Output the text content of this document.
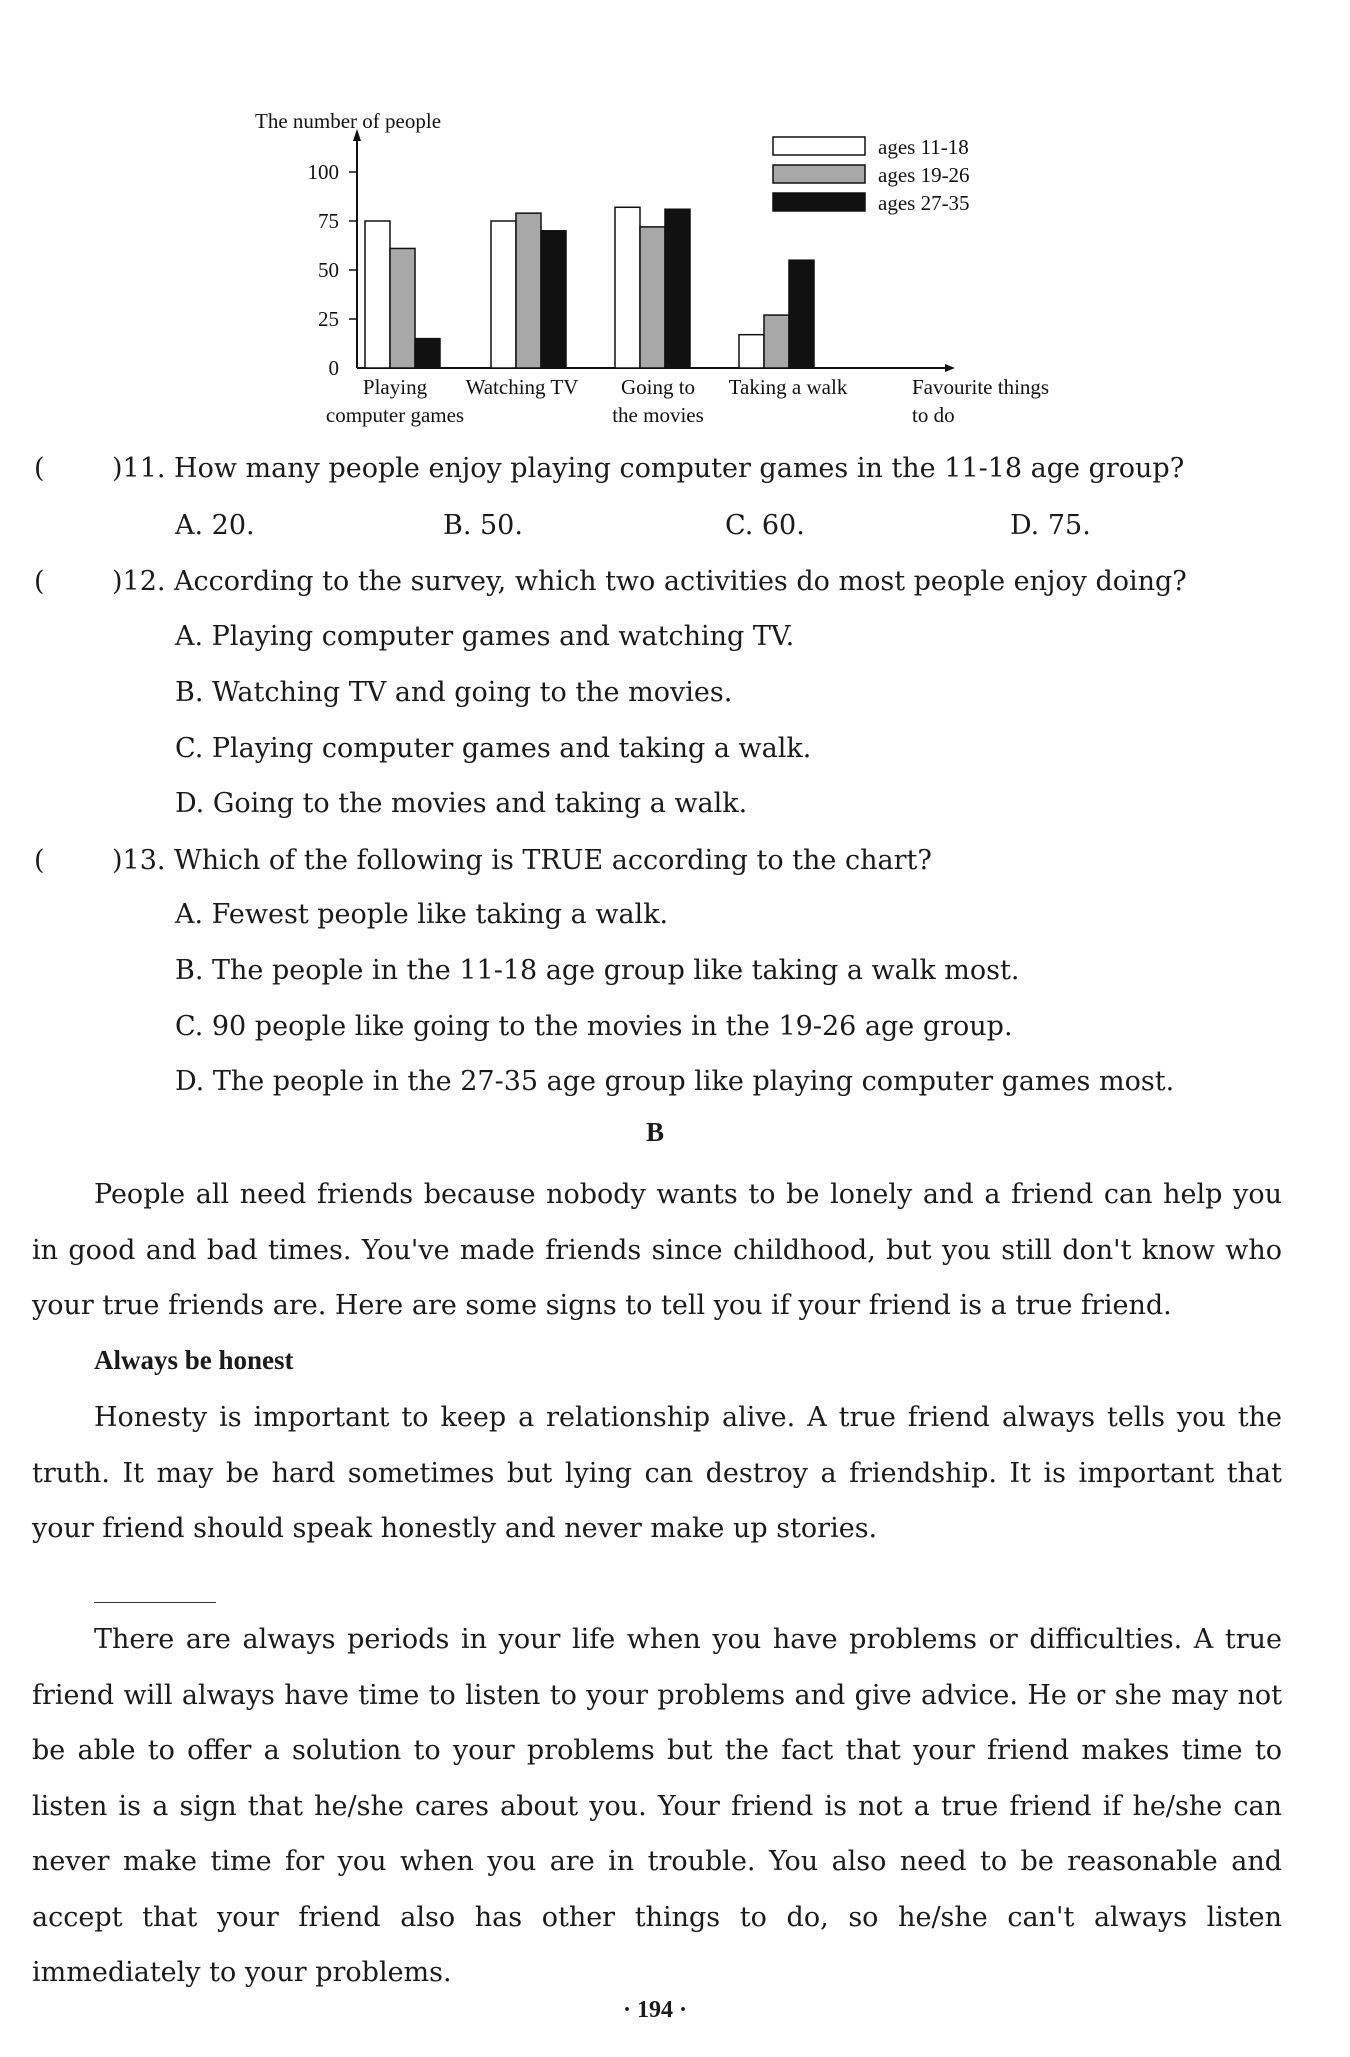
The number of people
0
25
50
75
100
Playing
computer games
Watching TV Going to
the movies
Taking a walk	Favourite things
to do
ages 11-18
ages 19-26
ages 27-35
( )11. How many people enjoy playing computer games in the 11-18 age group?
A. 20.	B. 50.	C. 60.	D. 75.
( )12. According to the survey, which two activities do most people enjoy doing?
A. Playing computer games and watching TV.
B. Watching TV and going to the movies.
C. Playing computer games and taking a walk.
D. Going to the movies and taking a walk.
( )13. Which of the following is TRUE according to the chart?
A. Fewest people like taking a walk.
B. The people in the 11-18 age group like taking a walk most.
C. 90 people like going to the movies in the 19-26 age group.
D. The people in the 27-35 age group like playing computer games most.
B
People all need friends because nobody wants to be lonely and a friend can help you in good and bad times. You've made friends since childhood, but you still don't know who your true friends are. Here are some signs to tell you if your friend is a true friend.
Always be honest
Honesty is important to keep a relationship alive. A true friend always tells you the truth. It may be hard sometimes but lying can destroy a friendship. It is important that your friend should speak honestly and never make up stories.
There are always periods in your life when you have problems or difficulties. A true friend will always have time to listen to your problems and give advice. He or she may not be able to offer a solution to your problems but the fact that your friend makes time to listen is a sign that he/she cares about you. Your friend is not a true friend if he/she can never make time for you when you are in trouble. You also need to be reasonable and accept that your friend also has other things to do, so he/she can't always listen immediately to your problems.
· 194 ·
